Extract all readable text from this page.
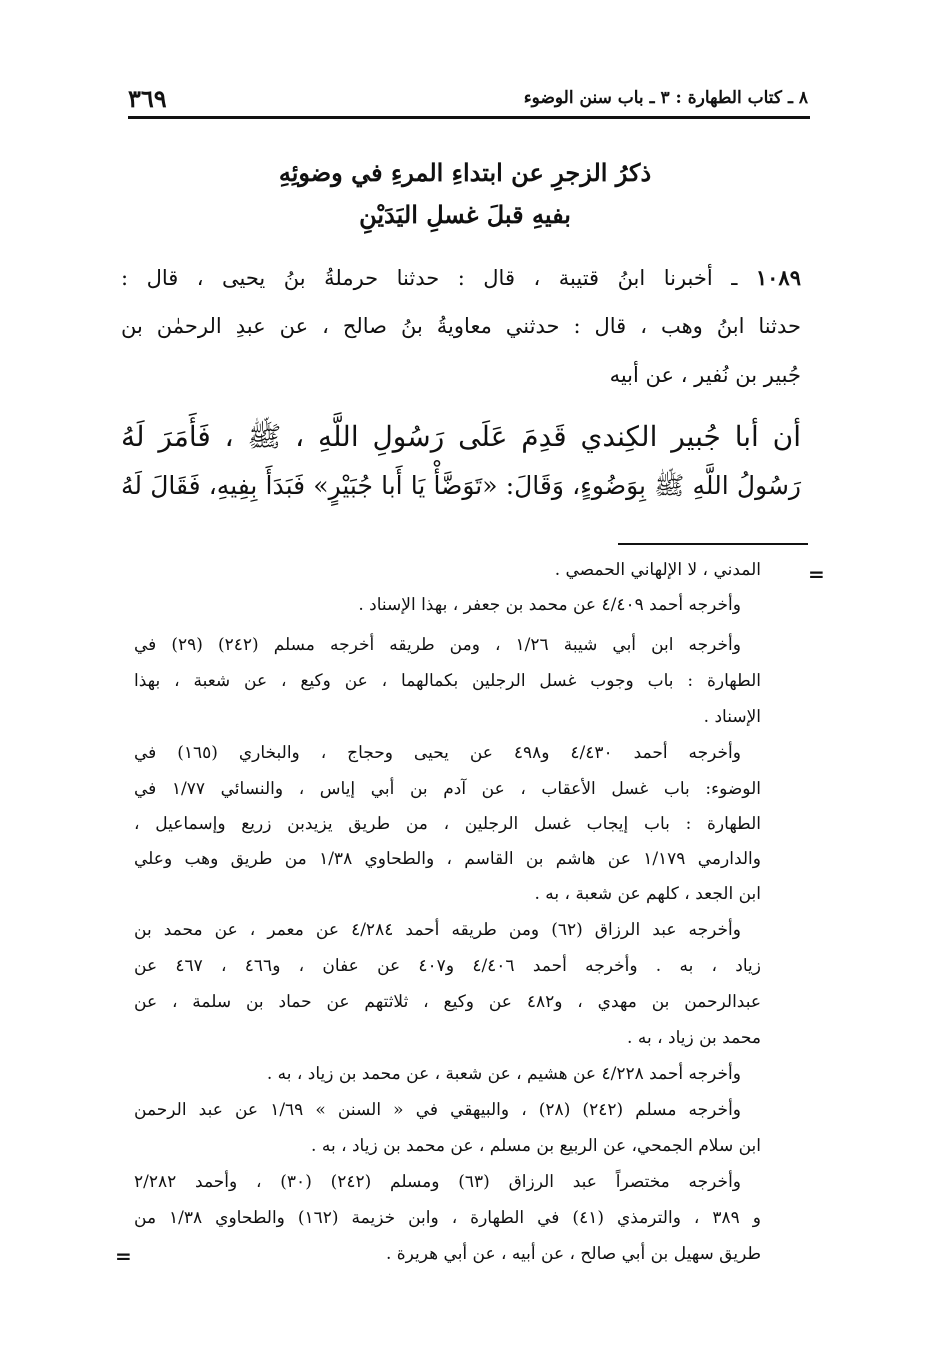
٣٦٩	٨ ـ كتاب الطهارة : ٣ ـ باب سنن الوضوء
ذكرُ الزجرِ عن ابتداءِ المرءِ في وضوئِهِ
بفيهِ قبلَ غسلِ اليَدَيْنِ
١٠٨٩ ـ أخبرنا ابنُ قتيبة ، قال : حدثنا حرملةُ بنُ يحيى ، قال :
حدثنا ابنُ وهب ، قال : حدثني معاويةُ بنُ صالح ، عن عبدِ الرحمٰن بن
جُبير بن نُفير ، عن أبيه
أن أبا جُبير الكِندي قَدِمَ عَلَى رَسُولِ اللَّهِ ، ﷺ ، فَأَمَرَ لَهُ
رَسُولُ اللَّهِ ﷺ بِوَضُوءٍ، وَقَالَ: «تَوَضَّأْ يَا أَبا جُبَيْرٍ» فَبَدَأَ بِفِيهِ، فَقَالَ لَهُ
=
المدني ، لا الإلهاني الحمصي .
وأخرجه أحمد ٤/٤٠٩ عن محمد بن جعفر ، بهذا الإسناد .
وأخرجه ابن أبي شيبة ١/٢٦ ، ومن طريقه أخرجه مسلم (٢٤٢) (٢٩) في
الطهارة : باب وجوب غسل الرجلين بكمالهما ، عن وكيع ، عن شعبة ، بهذا
الإسناد .
وأخرجه أحمد ٤/٤٣٠ و٤٩٨ عن يحيى وحجاج ، والبخاري (١٦٥) في
الوضوء: باب غسل الأعقاب ، عن آدم بن أبي إياس ، والنسائي ١/٧٧ في
الطهارة : باب إيجاب غسل الرجلين ، من طريق يزيدبن زريع وإسماعيل ،
والدارمي ١/١٧٩ عن هاشم بن القاسم ، والطحاوي ١/٣٨ من طريق وهب وعلي
ابن الجعد ، كلهم عن شعبة ، به .
وأخرجه عبد الرزاق (٦٢) ومن طريقه أحمد ٤/٢٨٤ عن معمر ، عن محمد بن
زياد ، به . وأخرجه أحمد ٤/٤٠٦ و٤٠٧ عن عفان ، و٤٦٦ ، ٤٦٧ عن
عبدالرحمن بن مهدي ، و٤٨٢ عن وكيع ، ثلاثتهم عن حماد بن سلمة ، عن
محمد بن زياد ، به .
وأخرجه أحمد ٤/٢٢٨ عن هشيم ، عن شعبة ، عن محمد بن زياد ، به .
وأخرجه مسلم (٢٤٢) (٢٨) ، والبيهقي في « السنن » ١/٦٩ عن عبد الرحمن
ابن سلام الجمحي، عن الربيع بن مسلم ، عن محمد بن زياد ، به .
وأخرجه مختصراً عبد الرزاق (٦٣) ومسلم (٢٤٢) (٣٠) ، وأحمد ٢/٢٨٢
و ٣٨٩ ، والترمذي (٤١) في الطهارة ، وابن خزيمة (١٦٢) والطحاوي ١/٣٨ من
طريق سهيل بن أبي صالح ، عن أبيه ، عن أبي هريرة .
=
